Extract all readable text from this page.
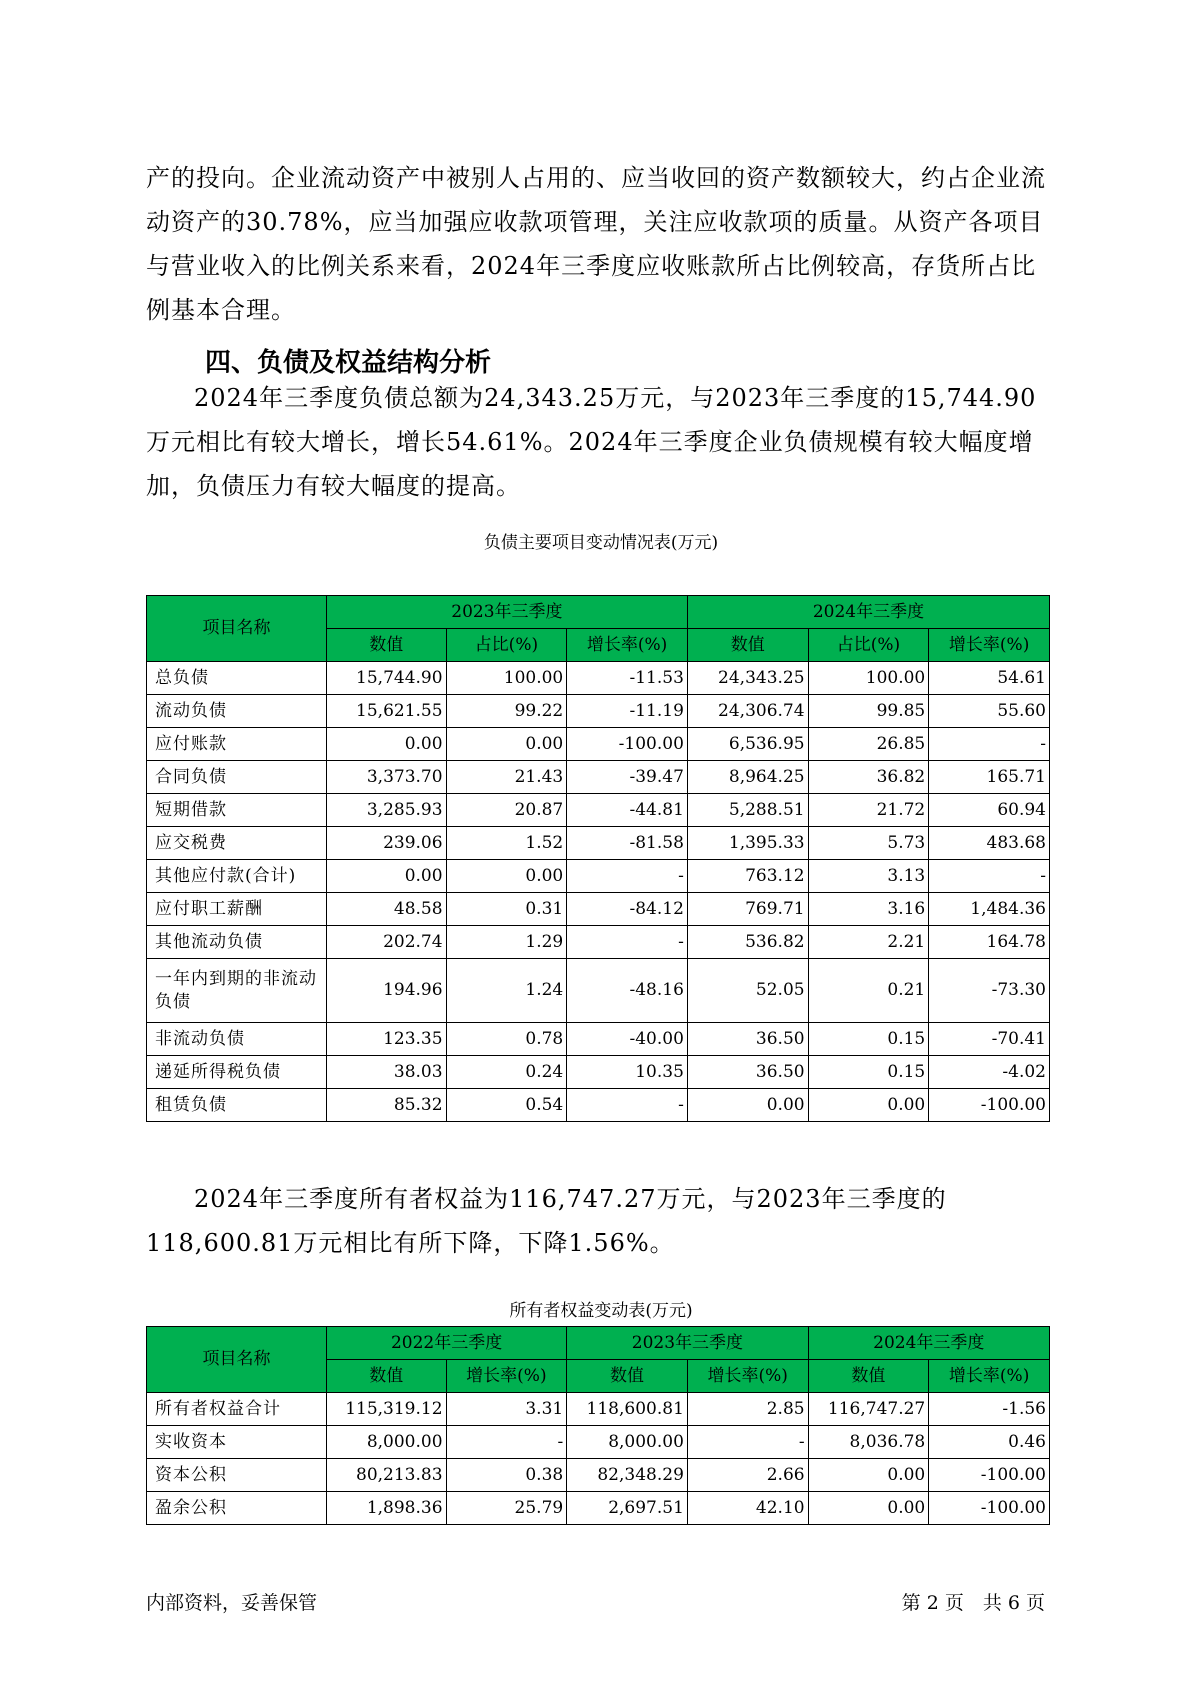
产的投向。企业流动资产中被别人占用的、应当收回的资产数额较大，约占企业流动资产的30.78%，应当加强应收款项管理，关注应收款项的质量。从资产各项目与营业收入的比例关系来看，2024年三季度应收账款所占比例较高，存货所占比例基本合理。

四、负债及权益结构分析

2024年三季度负债总额为24,343.25万元，与2023年三季度的15,744.90万元相比有较大增长，增长54.61%。2024年三季度企业负债规模有较大幅度增加，负债压力有较大幅度的提高。

负债主要项目变动情况表(万元)
项目名称	2023年三季度			2024年三季度		
	数值	占比(%)	增长率(%)	数值	占比(%)	增长率(%)
总负债	15,744.90	100.00	-11.53	24,343.25	100.00	54.61
流动负债	15,621.55	99.22	-11.19	24,306.74	99.85	55.60
应付账款	0.00	0.00	-100.00	6,536.95	26.85	-
合同负债	3,373.70	21.43	-39.47	8,964.25	36.82	165.71
短期借款	3,285.93	20.87	-44.81	5,288.51	21.72	60.94
应交税费	239.06	1.52	-81.58	1,395.33	5.73	483.68
其他应付款(合计)	0.00	0.00	-	763.12	3.13	-
应付职工薪酬	48.58	0.31	-84.12	769.71	3.16	1,484.36
其他流动负债	202.74	1.29	-	536.82	2.21	164.78
一年内到期的非流动负债	194.96	1.24	-48.16	52.05	0.21	-73.30
非流动负债	123.35	0.78	-40.00	36.50	0.15	-70.41
递延所得税负债	38.03	0.24	10.35	36.50	0.15	-4.02
租赁负债	85.32	0.54	-	0.00	0.00	-100.00

2024年三季度所有者权益为116,747.27万元，与2023年三季度的118,600.81万元相比有所下降，下降1.56%。

所有者权益变动表(万元)
项目名称	2022年三季度		2023年三季度		2024年三季度	
	数值	增长率(%)	数值	增长率(%)	数值	增长率(%)
所有者权益合计	115,319.12	3.31	118,600.81	2.85	116,747.27	-1.56
实收资本	8,000.00	-	8,000.00	-	8,036.78	0.46
资本公积	80,213.83	0.38	82,348.29	2.66	0.00	-100.00
盈余公积	1,898.36	25.79	2,697.51	42.10	0.00	-100.00
内部资料，妥善保管	第 2 页　共 6 页
